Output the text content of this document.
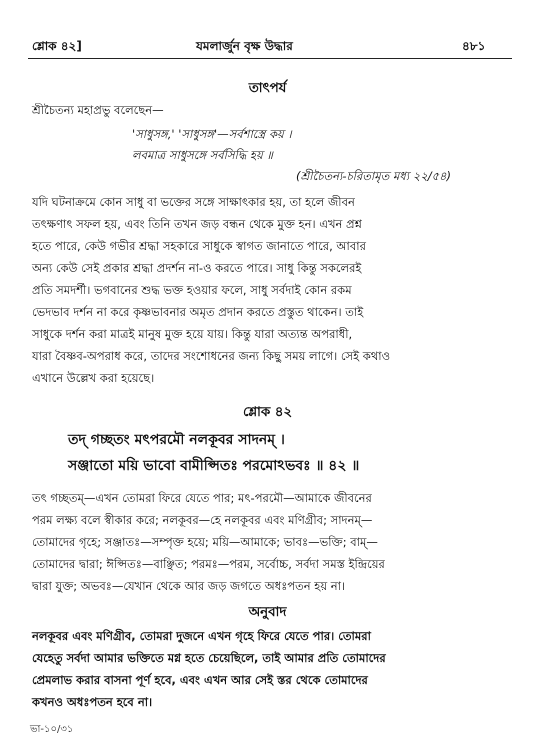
শ্লোক ৪২]	যমলার্জুন বৃক্ষ উদ্ধার	৪৮১
তাৎপর্য
শ্রীচৈতন্য মহাপ্রভু বলেছেন—
'সাধুসঙ্গ,' 'সাধুসঙ্গ'—সর্বশাস্ত্রে কয় ।
লবমাত্র সাধুসঙ্গে সর্বসিদ্ধি হয় ॥
(শ্রীচৈতন্য-চরিতামৃত মধ্য ২২/৫৪)
যদি ঘটনাক্রমে কোন সাধু বা ভক্তের সঙ্গে সাক্ষাৎকার হয়, তা হলে জীবন
তৎক্ষণাৎ সফল হয়, এবং তিনি তখন জড় বন্ধন থেকে মুক্ত হন। এখন প্রশ্ন
হতে পারে, কেউ গভীর শ্রদ্ধা সহকারে সাধুকে স্বাগত জানাতে পারে, আবার
অন্য কেউ সেই প্রকার শ্রদ্ধা প্রদর্শন না-ও করতে পারে। সাধু কিন্তু সকলেরই
প্রতি সমদর্শী। ভগবানের শুদ্ধ ভক্ত হওয়ার ফলে, সাধু সর্বদাই কোন রকম
ভেদভাব দর্শন না করে কৃষ্ণভাবনার অমৃত প্রদান করতে প্রস্তুত থাকেন। তাই
সাধুকে দর্শন করা মাত্রই মানুষ মুক্ত হয়ে যায়। কিন্তু যারা অত্যন্ত অপরাধী,
যারা বৈষ্ণব-অপরাধ করে, তাদের সংশোধনের জন্য কিছু সময় লাগে। সেই কথাও
এখানে উল্লেখ করা হয়েছে।
শ্লোক ৪২
তদ্ গচ্ছতং মৎপরমৌ নলকূবর সাদনম্ ।
সঞ্জাতো ময়ি ভাবো বামীপ্সিতঃ পরমোঽভবঃ ॥ ৪২ ॥
তৎ গচ্ছতম্—এখন তোমরা ফিরে যেতে পার; মৎ-পরমৌ—আমাকে জীবনের
পরম লক্ষ্য বলে স্বীকার করে; নলকূবর—হে নলকূবর এবং মণিগ্রীব; সাদনম্—
তোমাদের গৃহে; সঞ্জাতঃ—সম্পৃক্ত হয়ে; ময়ি—আমাকে; ভাবঃ—ভক্তি; বাম্—
তোমাদের দ্বারা; ঈপ্সিতঃ—বাঞ্ছিত; পরমঃ—পরম, সর্বোচ্চ, সর্বদা সমস্ত ইন্দ্রিয়ের
দ্বারা যুক্ত; অভবঃ—যেখান থেকে আর জড় জগতে অধঃপতন হয় না।
অনুবাদ
নলকূবর এবং মণিগ্রীব, তোমরা দুজনে এখন গৃহে ফিরে যেতে পার। তোমরা
যেহেতু সর্বদা আমার ভক্তিতে মগ্ন হতে চেয়েছিলে, তাই আমার প্রতি তোমাদের
প্রেমলাভ করার বাসনা পূর্ণ হবে, এবং এখন আর সেই স্তর থেকে তোমাদের
কখনও অধঃপতন হবে না।
ভা-১০/৩১
